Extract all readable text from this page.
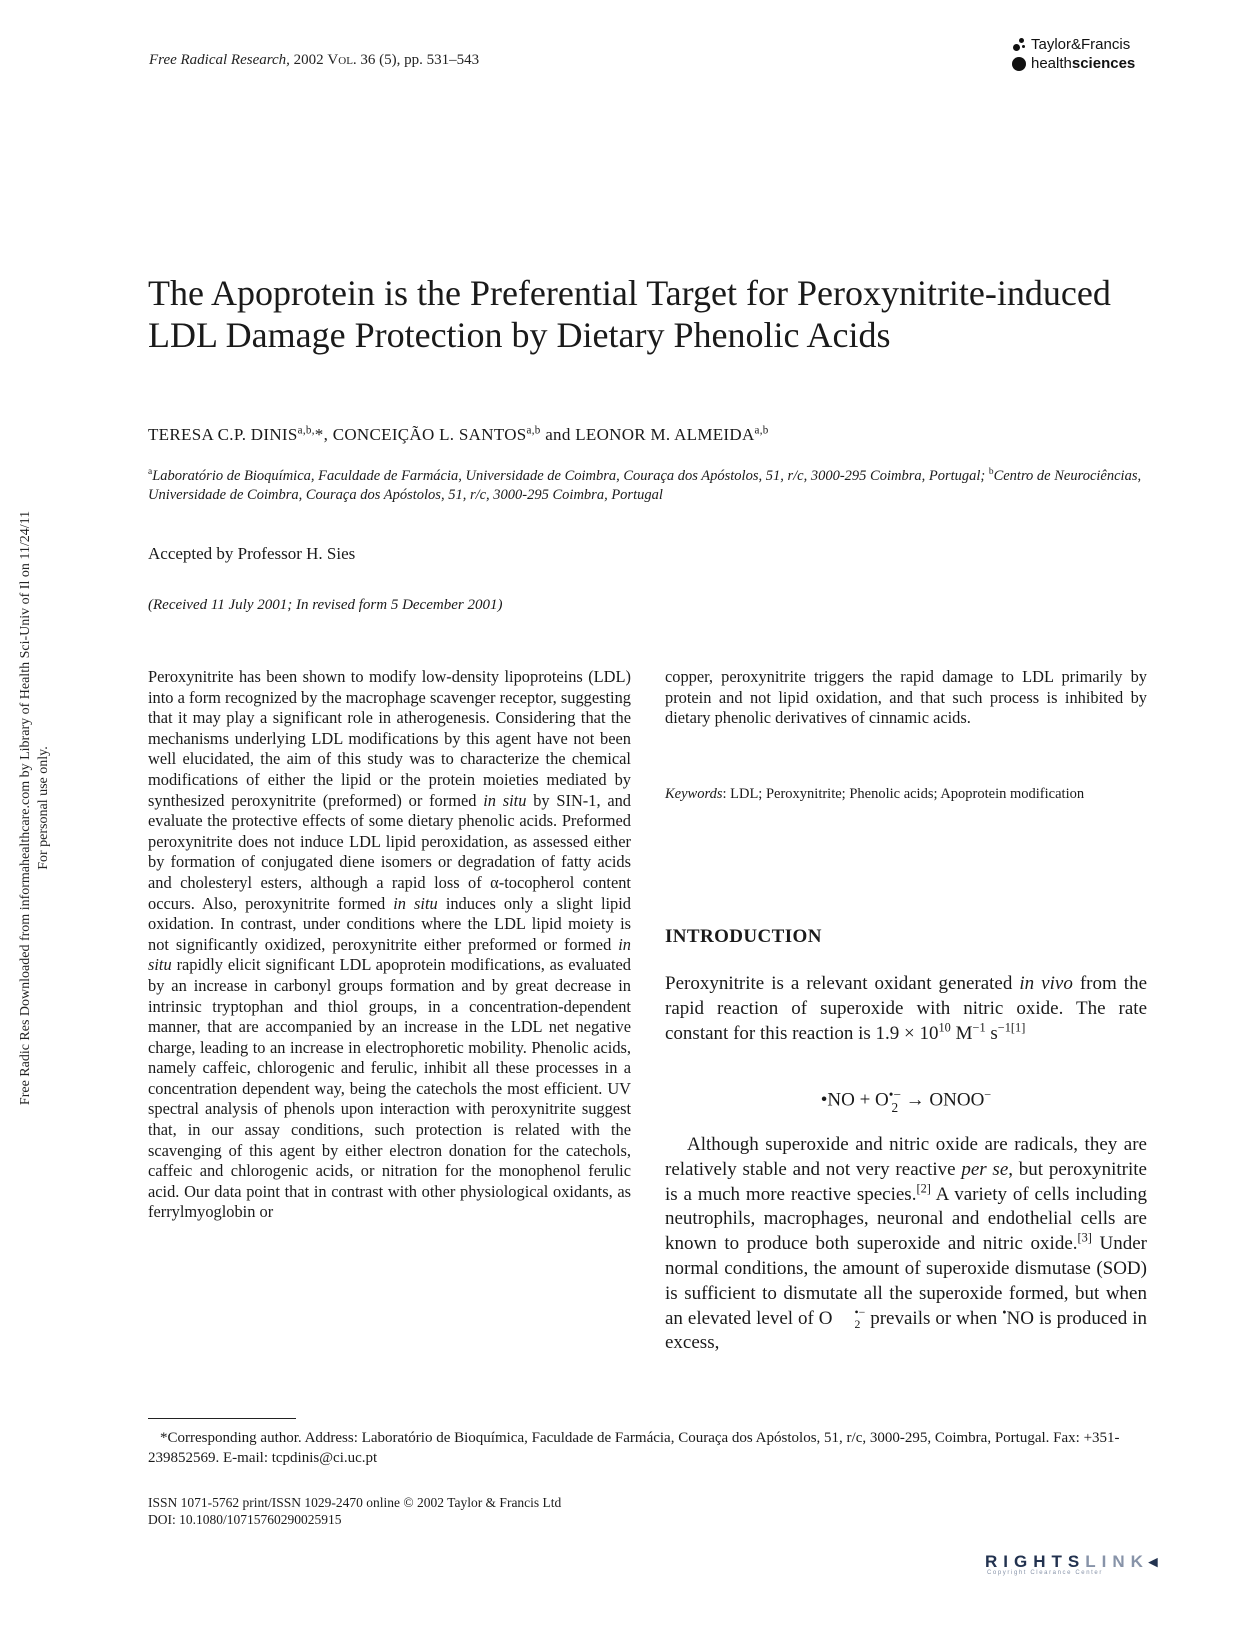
Free Radical Research, 2002 Vol. 36 (5), pp. 531–543
Taylor&Francis
healthsciences
Free Radic Res Downloaded from informahealthcare.com by Library of Health Sci-Univ of Il on 11/24/11 For personal use only.
The Apoprotein is the Preferential Target for Peroxynitrite-induced LDL Damage Protection by Dietary Phenolic Acids
TERESA C.P. $DINIS^{a,b,}*$, CONCEIÇÃO L. SANTOS$^{a,b}$ and LEONOR M. ALMEIDA$^{a,b}$
$^a$Laboratório de Bioquímica, Faculdade de Farmácia, Universidade de Coimbra, Couraça dos Apóstolos, 51, r/c, 3000-295 Coimbra, Portugal; $^b$Centro de Neurociências, Universidade de Coimbra, Couraça dos Apóstolos, 51, r/c, 3000-295 Coimbra, Portugal
Accepted by Professor H. Sies
(Received 11 July 2001; In revised form 5 December 2001)
Peroxynitrite has been shown to modify low-density lipoproteins (LDL) into a form recognized by the macrophage scavenger receptor, suggesting that it may play a significant role in atherogenesis. Considering that the mechanisms underlying LDL modifications by this agent have not been well elucidated, the aim of this study was to characterize the chemical modifications of either the lipid or the protein moieties mediated by synthesized peroxynitrite (preformed) or formed in situ by SIN-1, and evaluate the protective effects of some dietary phenolic acids. Preformed peroxynitrite does not induce LDL lipid peroxidation, as assessed either by formation of conjugated diene isomers or degradation of fatty acids and cholesteryl esters, although a rapid loss of α-tocopherol content occurs. Also, peroxynitrite formed in situ induces only a slight lipid oxidation. In contrast, under conditions where the LDL lipid moiety is not significantly oxidized, peroxynitrite either preformed or formed in situ rapidly elicit significant LDL apoprotein modifications, as evaluated by an increase in carbonyl groups formation and by great decrease in intrinsic tryptophan and thiol groups, in a concentration-dependent manner, that are accompanied by an increase in the LDL net negative charge, leading to an increase in electrophoretic mobility. Phenolic acids, namely caffeic, chlorogenic and ferulic, inhibit all these processes in a concentration dependent way, being the catechols the most efficient. UV spectral analysis of phenols upon interaction with peroxynitrite suggest that, in our assay conditions, such protection is related with the scavenging of this agent by either electron donation for the catechols, caffeic and chlorogenic acids, or nitration for the monophenol ferulic acid. Our data point that in contrast with other physiological oxidants, as ferrylmyoglobin or
copper, peroxynitrite triggers the rapid damage to LDL primarily by protein and not lipid oxidation, and that such process is inhibited by dietary phenolic derivatives of cinnamic acids.
Keywords: LDL; Peroxynitrite; Phenolic acids; Apoprotein modification
INTRODUCTION
Peroxynitrite is a relevant oxidant generated in vivo from the rapid reaction of superoxide with nitric oxide. The rate constant for this reaction is $1.9 \times 10^{10}$ $M^{-1}$ $s^{-1[1]}$
•NO + O •−
2 → ONOO−
Although superoxide and nitric oxide are radicals, they are relatively stable and not very reactive per se, but peroxynitrite is a much more reactive species.[2] A variety of cells including neutrophils, macrophages, neuronal and endothelial cells are known to produce both superoxide and nitric oxide.[3] Under normal conditions, the amount of superoxide dismutase (SOD) is sufficient to dismutate all the superoxide formed, but when an elevated level of O	•−
2 prevails or when •NO is produced in excess,
*Corresponding author. Address: Laboratório de Bioquímica, Faculdade de Farmácia, Couraça dos Apóstolos, 51, r/c, 3000-295, Coimbra, Portugal. Fax: +351-239852569. E-mail: tcpdinis@ci.uc.pt
ISSN 1071-5762 print/ISSN 1029-2470 online © 2002 Taylor & Francis Ltd
DOI: 10.1080/10715760290025915
RIGHTSLINK◂
Copyright Clearance Center
